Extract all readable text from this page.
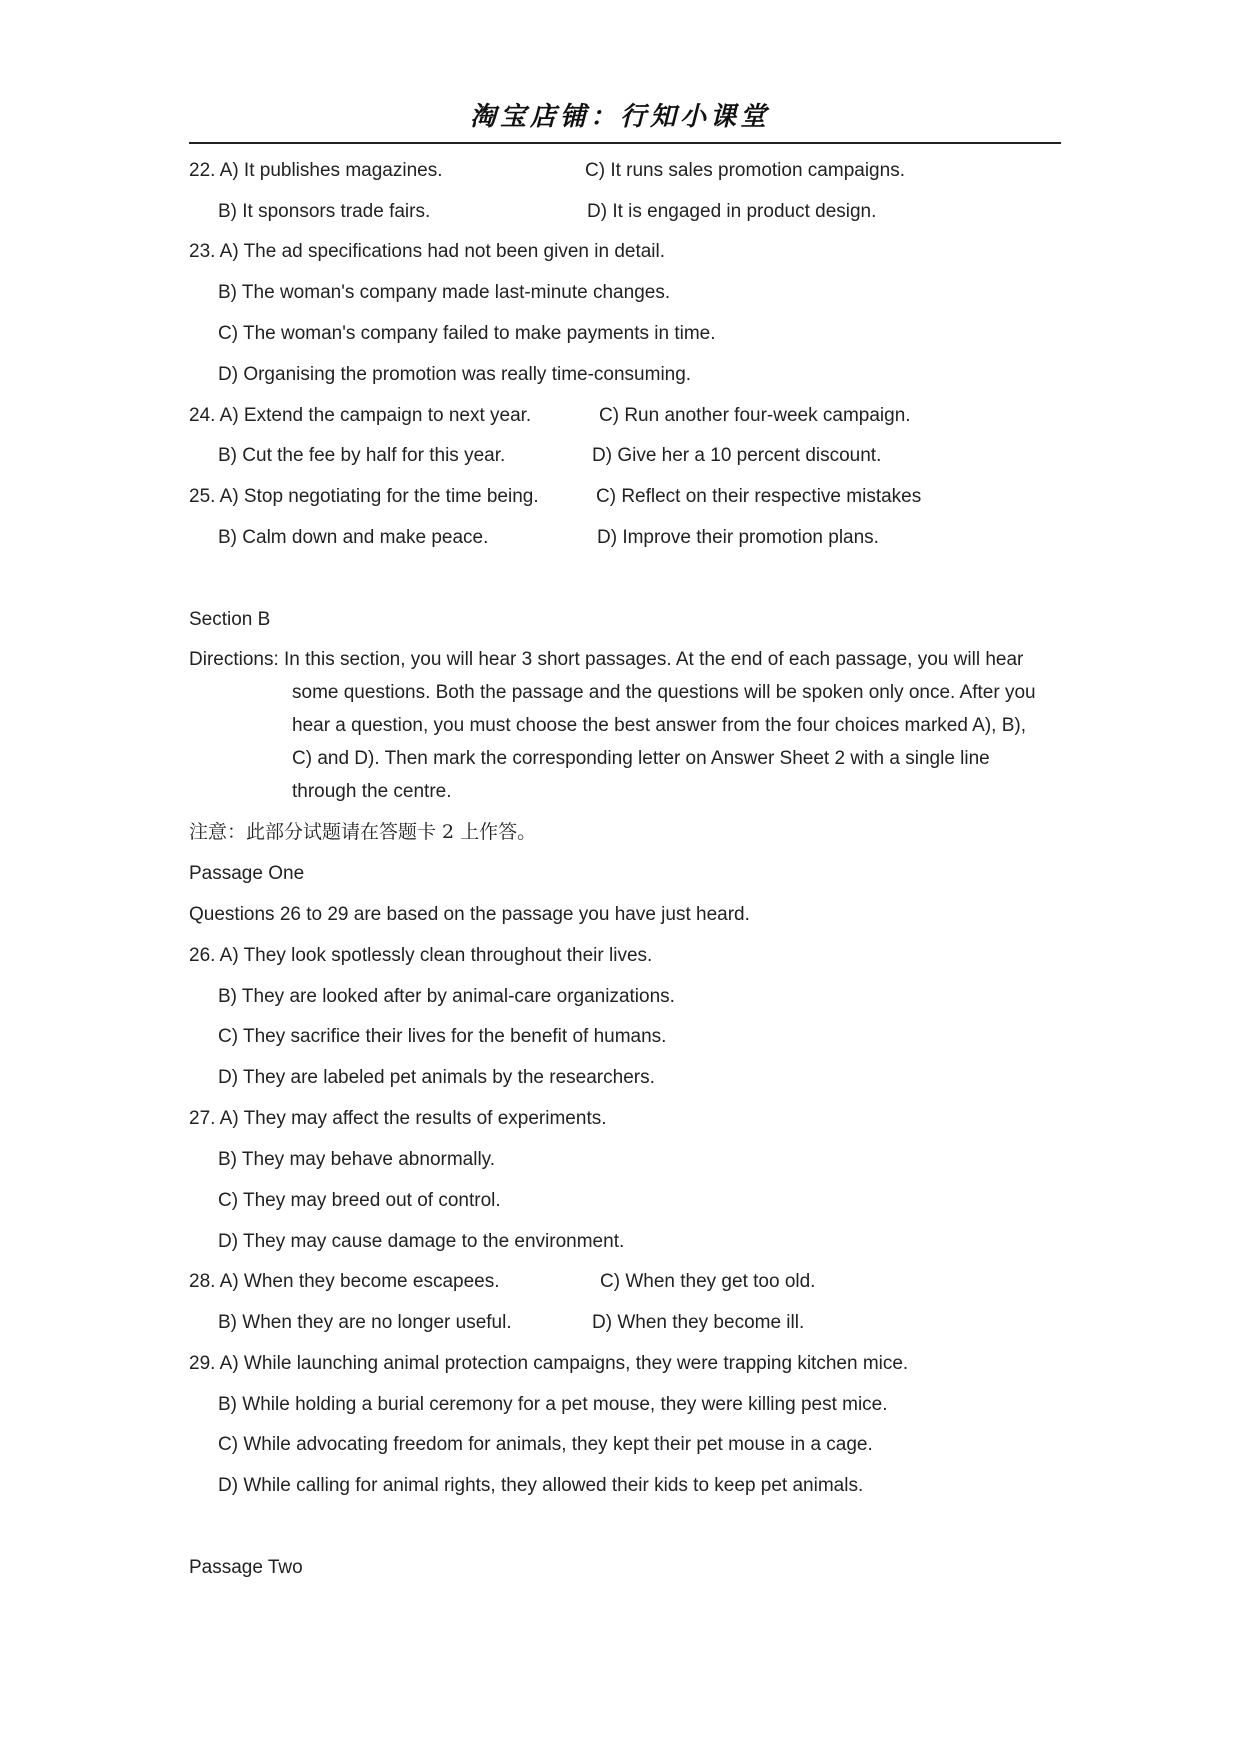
淘宝店铺：行知小课堂
22. A) It publishes magazines.	C) It runs sales promotion campaigns.
B) It sponsors trade fairs.	D) It is engaged in product design.
23. A) The ad specifications had not been given in detail.
B) The woman's company made last-minute changes.
C) The woman's company failed to make payments in time.
D) Organising the promotion was really time-consuming.
24. A) Extend the campaign to next year.	C) Run another four-week campaign.
B) Cut the fee by half for this year.	D) Give her a 10 percent discount.
25. A) Stop negotiating for the time being.	C) Reflect on their respective mistakes
B) Calm down and make peace.	D) Improve their promotion plans.
Section B
Directions: In this section, you will hear 3 short passages. At the end of each passage, you will hear
some questions. Both the passage and the questions will be spoken only once. After you
hear a question, you must choose the best answer from the four choices marked A), B),
C) and D). Then mark the corresponding letter on Answer Sheet 2 with a single line
through the centre.
注意：此部分试题请在答题卡 2 上作答。
Passage One
Questions 26 to 29 are based on the passage you have just heard.
26. A) They look spotlessly clean throughout their lives.
B) They are looked after by animal-care organizations.
C) They sacrifice their lives for the benefit of humans.
D) They are labeled pet animals by the researchers.
27. A) They may affect the results of experiments.
B) They may behave abnormally.
C) They may breed out of control.
D) They may cause damage to the environment.
28. A) When they become escapees.	C) When they get too old.
B) When they are no longer useful.	D) When they become ill.
29. A) While launching animal protection campaigns, they were trapping kitchen mice.
B) While holding a burial ceremony for a pet mouse, they were killing pest mice.
C) While advocating freedom for animals, they kept their pet mouse in a cage.
D) While calling for animal rights, they allowed their kids to keep pet animals.
Passage Two
